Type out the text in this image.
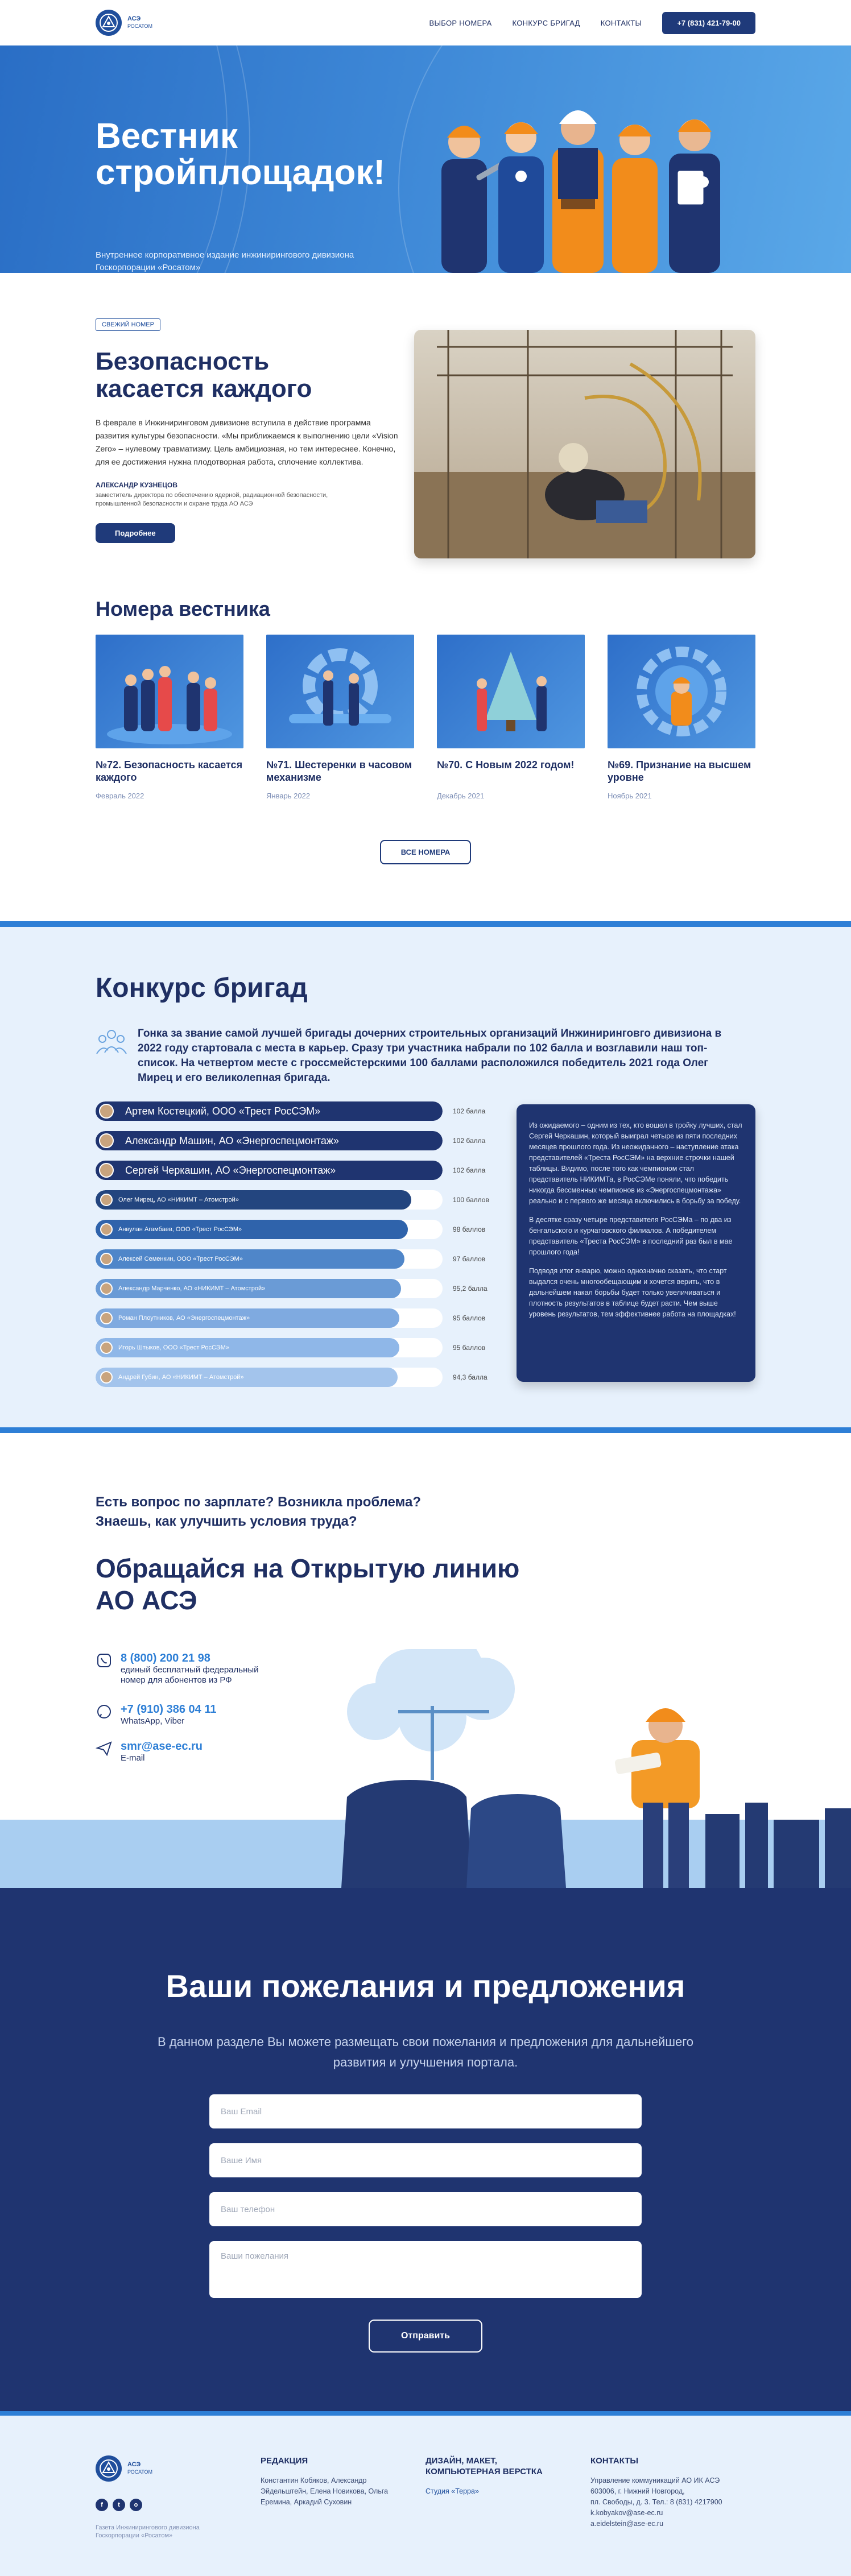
АСЭ
РОСАТОМ	ВЫБОР НОМЕРА	КОНКУРС БРИГАД	КОНТАКТЫ	+7 (831) 421-79-00
Вестник
стройплощадок!

Внутреннее корпоративное издание инжинирингового дивизиона Госкорпорации «Росатом»

СВЕЖИЙ НОМЕР
Безопасность
касается каждого

В феврале в Инжиниринговом дивизионе вступила в действие программа развития культуры безопасности. «Мы приближаемся к выполнению цели «Vision Zero» – нулевому травматизму. Цель амбициозная, но тем интереснее. Конечно, для ее достижения нужна плодотворная работа, сплочение коллектива.

АЛЕКСАНДР КУЗНЕЦОВ
заместитель директора по обеспечению ядерной, радиационной безопасности, промышленной безопасности и охране труда АО АСЭ
Подробнее
Номера вестника
№72. Безопасность касается каждого
Февраль 2022
№71. Шестеренки в часовом механизме
Январь 2022
№70. С Новым 2022 годом!
Декабрь 2021
№69. Признание на высшем уровне
Ноябрь 2021
ВСЕ НОМЕРА
Конкурс бригад

Гонка за звание самой лучшей бригады дочерних строительных организаций Инжиниринговго дивизиона в 2022 году стартовала с места в карьер. Сразу три участника набрали по 102 балла и возглавили наш топ-список. На четвертом месте с гроссмейстерскими 100 баллами расположился победитель 2021 года Олег Мирец и его великолепная бригада.

Артем Костецкий, ООО «Трест РосСЭМ»	102 балла
Александр Машин, АО «Энергоспецмонтаж»	102 балла
Сергей Черкашин, АО «Энергоспецмонтаж»	102 балла
Олег Мирец, АО «НИКИМТ – Атомстрой»	100 баллов
Анвулан Агамбаев, ООО «Трест РосСЭМ»	98 баллов
Алексей Семенкин, ООО «Трест РосСЭМ»	97 баллов
Александр Марченко, АО «НИКИМТ – Атомстрой»	95,2 балла
Роман Плоутников, АО «Энергоспецмонтаж»	95 баллов
Игорь Штыков, ООО «Трест РосСЭМ»	95 баллов
Андрей Губин, АО «НИКИМТ – Атомстрой»	94,3 балла

Из ожидаемого – одним из тех, кто вошел в тройку лучших, стал Сергей Черкашин, который выиграл четыре из пяти последних месяцев прошлого года. Из неожиданного – наступление атака представителей «Треста РосСЭМ» на верхние строчки нашей таблицы. Видимо, после того как чемпионом стал представитель НИКИМТа, в РосСЭМе поняли, что победить никогда бессменных чемпионов из «Энергоспецмонтажа» реально и с первого же месяца включились в борьбу за победу.

В десятке сразу четыре представителя РосСЭМа – по два из бенгальского и курчатовского филиалов. А победителем представитель «Треста РосСЭМ» в последний раз был в мае прошлого года!

Подводя итог январю, можно однозначно сказать, что старт выдался очень многообещающим и хочется верить, что в дальнейшем накал борьбы будет только увеличиваться и плотность результатов в таблице будет расти. Чем выше уровень результатов, тем эффективнее работа на площадках!

Есть вопрос по зарплате? Возникла проблема?
Знаешь, как улучшить условия труда?
Обращайся на Открытую линию
АО АСЭ
8 (800) 200 21 98
единый бесплатный федеральный
номер для абонентов из РФ
+7 (910) 386 04 11
WhatsApp, Viber
smr@ase-ec.ru
E-mail
Ваши пожелания и предложения

В данном разделе Вы можете размещать свои пожелания и предложения для дальнейшего развития и улучшения портала.

Ваш Email
Ваше Имя
Ваш телефон
Ваши пожелания
Отправить
АСЭ
РОСАТОМ
f	t	o
Газета Инжинирингового дивизиона Госкорпорации «Росатом»
РЕДАКЦИЯ

Константин Кобяков, Александр Эйдельштейн, Елена Новикова, Ольга Еремина, Аркадий Суховин

ДИЗАЙН, МАКЕТ,
КОМПЬЮТЕРНАЯ ВЕРСТКА

Студия «Терра»

КОНТАКТЫ

Управление коммуникаций АО ИК АСЭ

603006, г. Нижний Новгород,

пл. Свободы, д. 3. Тел.: 8 (831) 4217900

k.kobyakov@ase-ec.ru

a.eidelstein@ase-ec.ru
